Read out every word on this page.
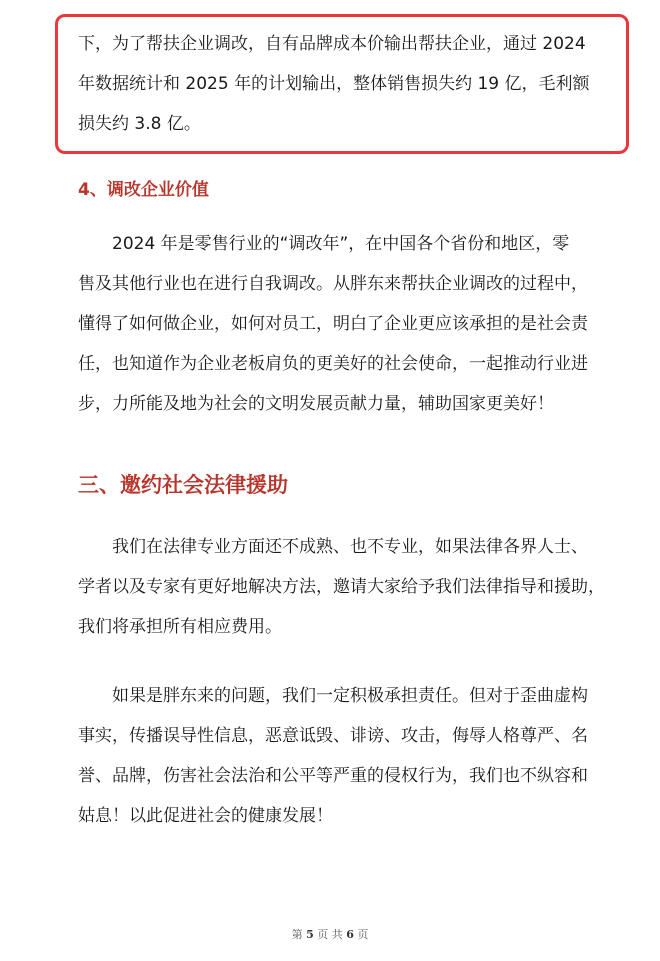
下，为了帮扶企业调改，自有品牌成本价输出帮扶企业，通过 2024
年数据统计和 2025 年的计划输出，整体销售损失约 19 亿，毛利额
损失约 3.8 亿。
4、调改企业价值
　　2024 年是零售行业的“调改年”，在中国各个省份和地区，零
售及其他行业也在进行自我调改。从胖东来帮扶企业调改的过程中，
懂得了如何做企业，如何对员工，明白了企业更应该承担的是社会责
任，也知道作为企业老板肩负的更美好的社会使命，一起推动行业进
步，力所能及地为社会的文明发展贡献力量，辅助国家更美好！
三、邀约社会法律援助
　　我们在法律专业方面还不成熟、也不专业，如果法律各界人士、
学者以及专家有更好地解决方法，邀请大家给予我们法律指导和援助，
我们将承担所有相应费用。
　　如果是胖东来的问题，我们一定积极承担责任。但对于歪曲虚构
事实，传播误导性信息，恶意诋毁、诽谤、攻击，侮辱人格尊严、名
誉、品牌，伤害社会法治和公平等严重的侵权行为，我们也不纵容和
姑息！以此促进社会的健康发展！
第 5 页 共 6 页
